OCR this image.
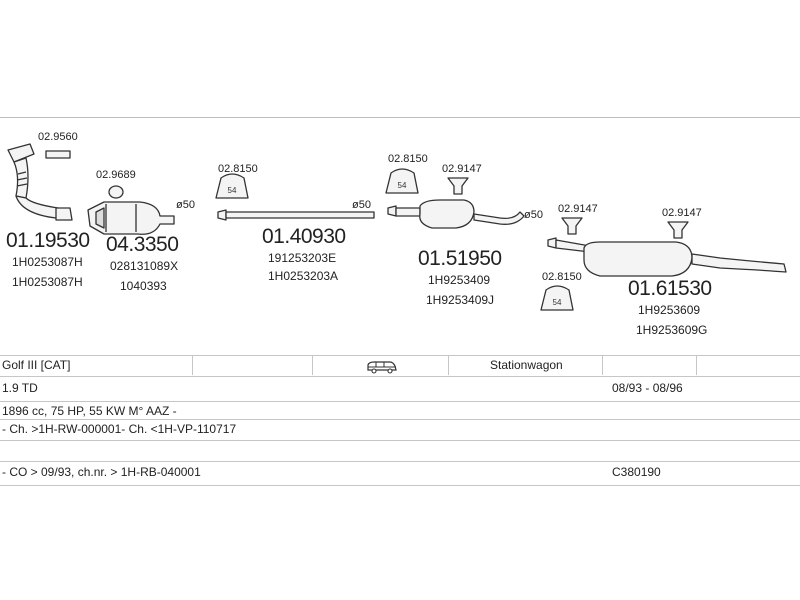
54
54
54
02.9560
02.9689	02.8150
02.8150
02.9147
02.9147	02.9147
02.8150
ø50	ø50
ø50
01.19530
1H0253087H
1H0253087H
04.3350
028131089X
1040393
01.40930
191253203E
1H0253203A
01.51950
1H9253409
1H9253409J	01.61530
1H9253609
1H9253609G
Golf III [CAT]	Stationwagon
1.9 TD	08/93 - 08/96
1896 cc, 75 HP, 55 KW M° AAZ -
- Ch. >1H-RW-000001- Ch. <1H-VP-110717
- CO > 09/93, ch.nr. > 1H-RB-040001	C380190
